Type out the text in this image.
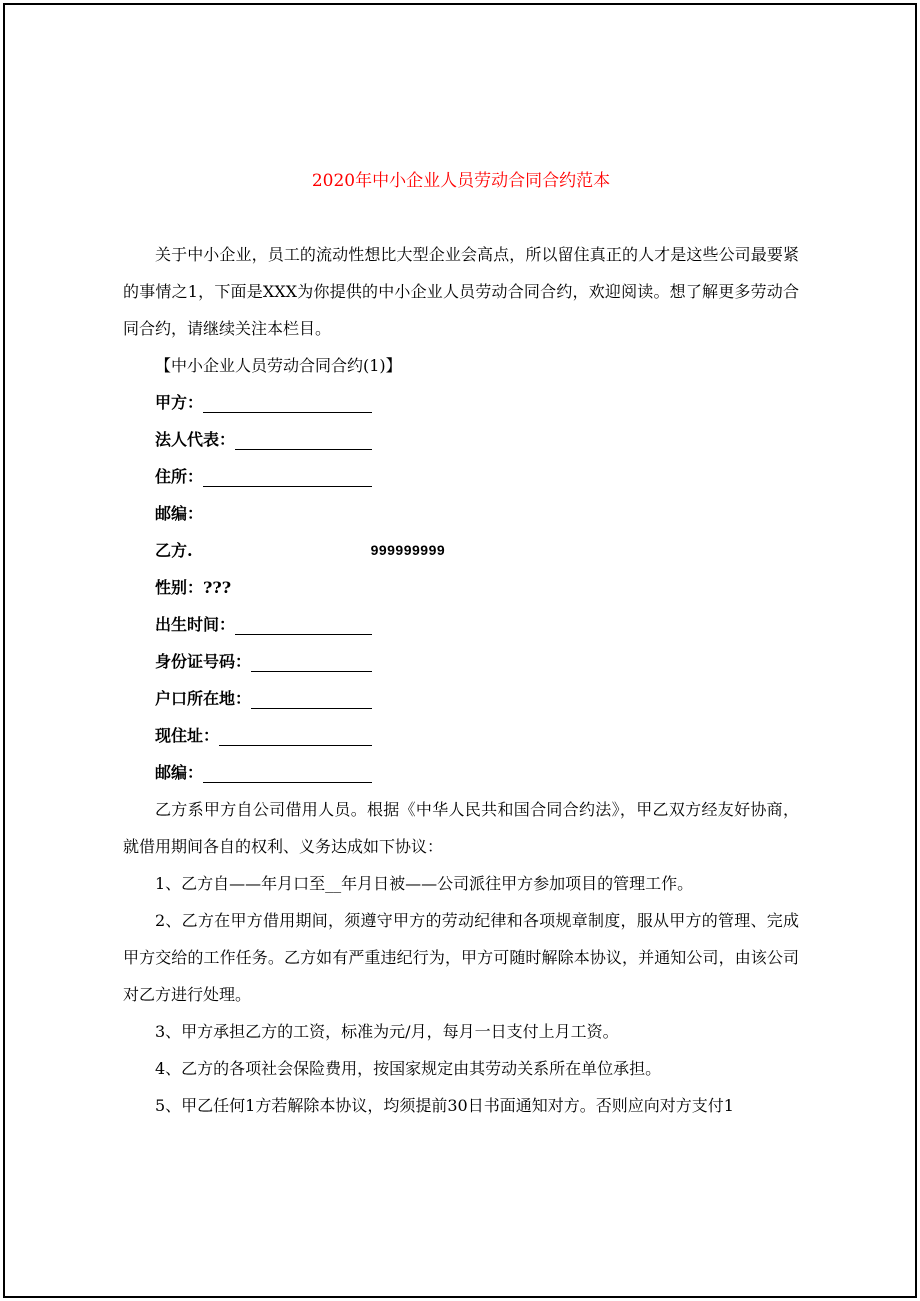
2020年中小企业人员劳动合同合约范本

关于中小企业，员工的流动性想比大型企业会高点，所以留住真正的人才是这些公司最要紧的事情之1，下面是XXX为你提供的中小企业人员劳动合同合约，欢迎阅读。想了解更多劳动合同合约，请继续关注本栏目。

【中小企业人员劳动合同合约(1)】

甲方：
法人代表：
住所：
邮编：
乙方.	999999999
性别：???
出生时间：
身份证号码：
户口所在地：
现住址：
邮编：

乙方系甲方自公司借用人员。根据《中华人民共和国合同合约法》，甲乙双方经友好协商，就借用期间各自的权利、义务达成如下协议：

1、乙方自——年月口至__年月日被——公司派往甲方参加项目的管理工作。

2、乙方在甲方借用期间，须遵守甲方的劳动纪律和各项规章制度，服从甲方的管理、完成甲方交给的工作任务。乙方如有严重违纪行为，甲方可随时解除本协议，并通知公司，由该公司对乙方进行处理。

3、甲方承担乙方的工资，标准为元/月，每月一日支付上月工资。

4、乙方的各项社会保险费用，按国家规定由其劳动关系所在单位承担。

5、甲乙任何1方若解除本协议，均须提前30日书面通知对方。否则应向对方支付1
